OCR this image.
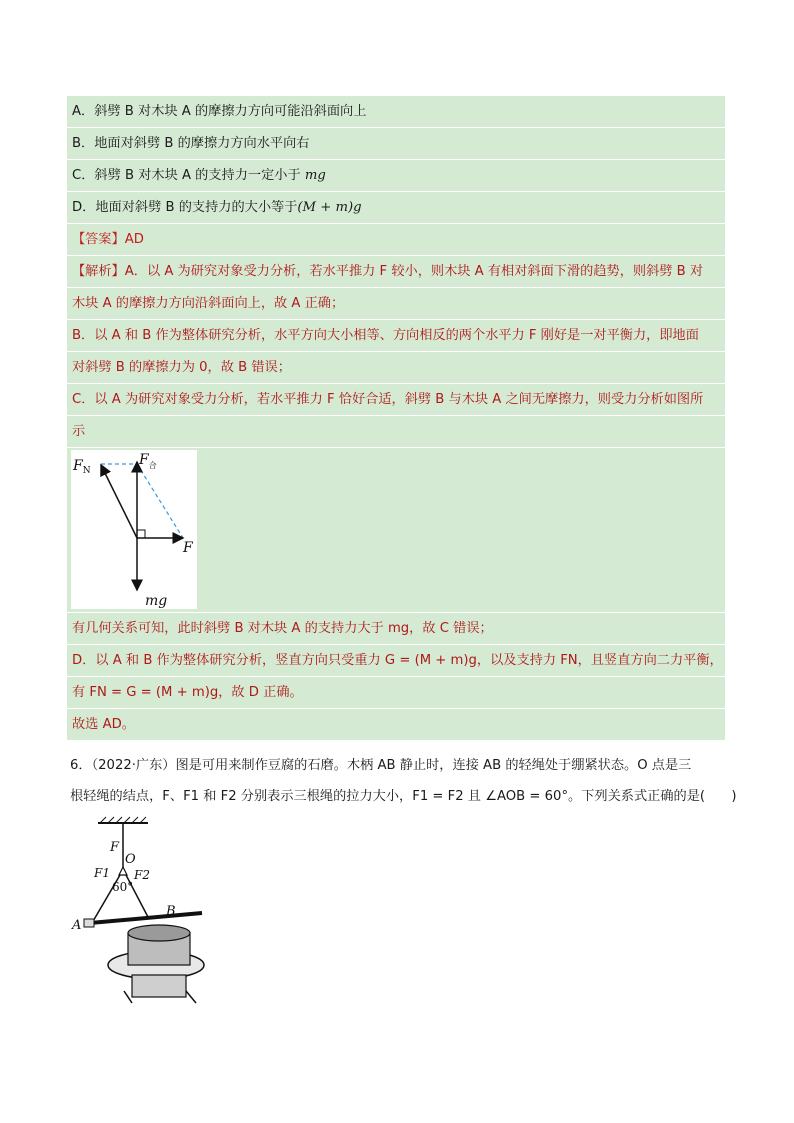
A．斜劈 B 对木块 A 的摩擦力方向可能沿斜面向上
B．地面对斜劈 B 的摩擦力方向水平向右
C．斜劈 B 对木块 A 的支持力一定小于 mg
D．地面对斜劈 B 的支持力的大小等于(M + m)g
【答案】AD
【解析】A．以 A 为研究对象受力分析，若水平推力 F 较小，则木块 A 有相对斜面下滑的趋势，则斜劈 B 对
木块 A 的摩擦力方向沿斜面向上，故 A 正确；
B．以 A 和 B 作为整体研究分析，水平方向大小相等、方向相反的两个水平力 F 刚好是一对平衡力，即地面
对斜劈 B 的摩擦力为 0，故 B 错误；
C．以 A 为研究对象受力分析，若水平推力 F 恰好合适，斜劈 B 与木块 A 之间无摩擦力，则受力分析如图所
示
$F_N$
$F_合$
F
mg
有几何关系可知，此时斜劈 B 对木块 A 的支持力大于 mg，故 C 错误；
D．以 A 和 B 作为整体研究分析，竖直方向只受重力 G = (M + m)g，以及支持力 FN，且竖直方向二力平衡，
有 FN = G = (M + m)g，故 D 正确。
故选 AD。
6．（2022·广东）图是可用来制作豆腐的石磨。木柄 AB 静止时，连接 AB 的轻绳处于绷紧状态。O 点是三
根轻绳的结点，F、F1 和 F2 分别表示三根绳的拉力大小，F1 = F2 且 ∠AOB = 60°。下列关系式正确的是(　　)
F
O
F1 F2
60°
A
B
